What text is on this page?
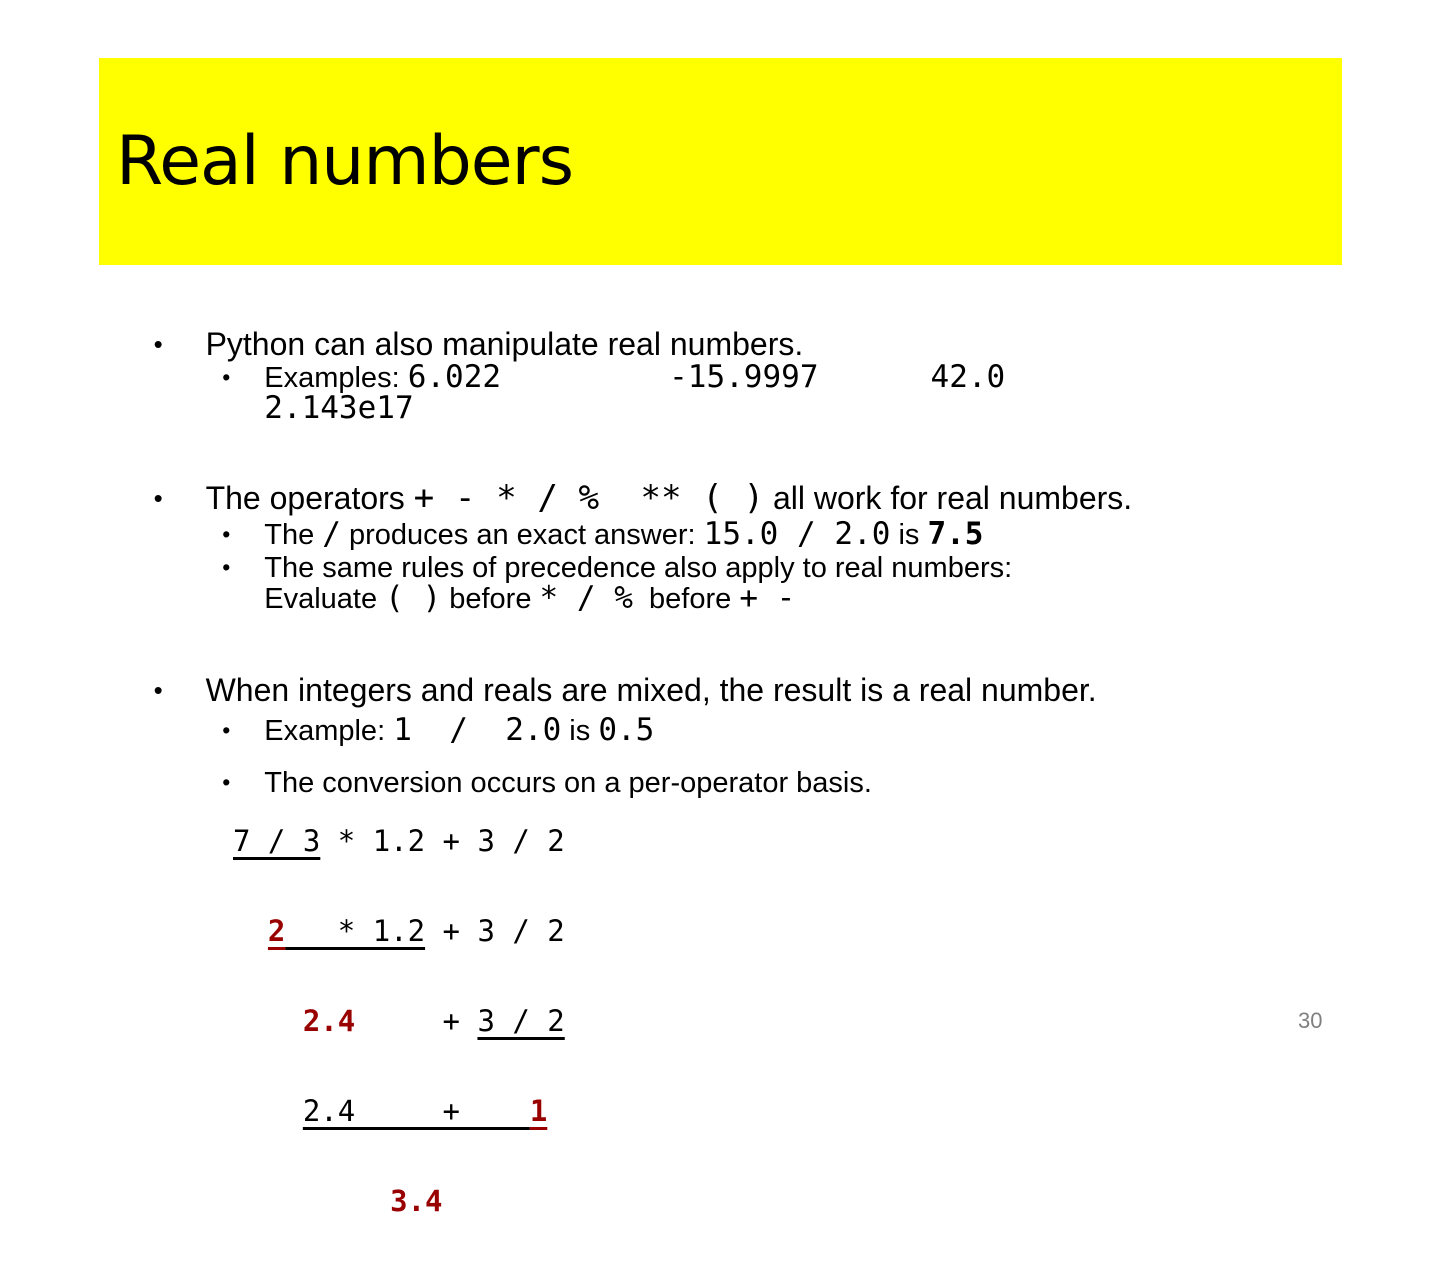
Real numbers

• Python can also manipulate real numbers.

• Examples: 6.022         -15.9997      42.0

2.143e17

• The operators + - * / %  ** ( ) all work for real numbers.

• The / produces an exact answer: 15.0 / 2.0 is 7.5

• The same rules of precedence also apply to real numbers:

Evaluate ( ) before * / %  before + -

• When integers and reals are mixed, the result is a real number.

• Example: 1  /  2.0 is 0.5

• The conversion occurs on a per-operator basis.

7 / 3 * 1.2 + 3 / 2

2   * 1.2 + 3 / 2

2.4     + 3 / 2

2.4     +    1

3.4

30
